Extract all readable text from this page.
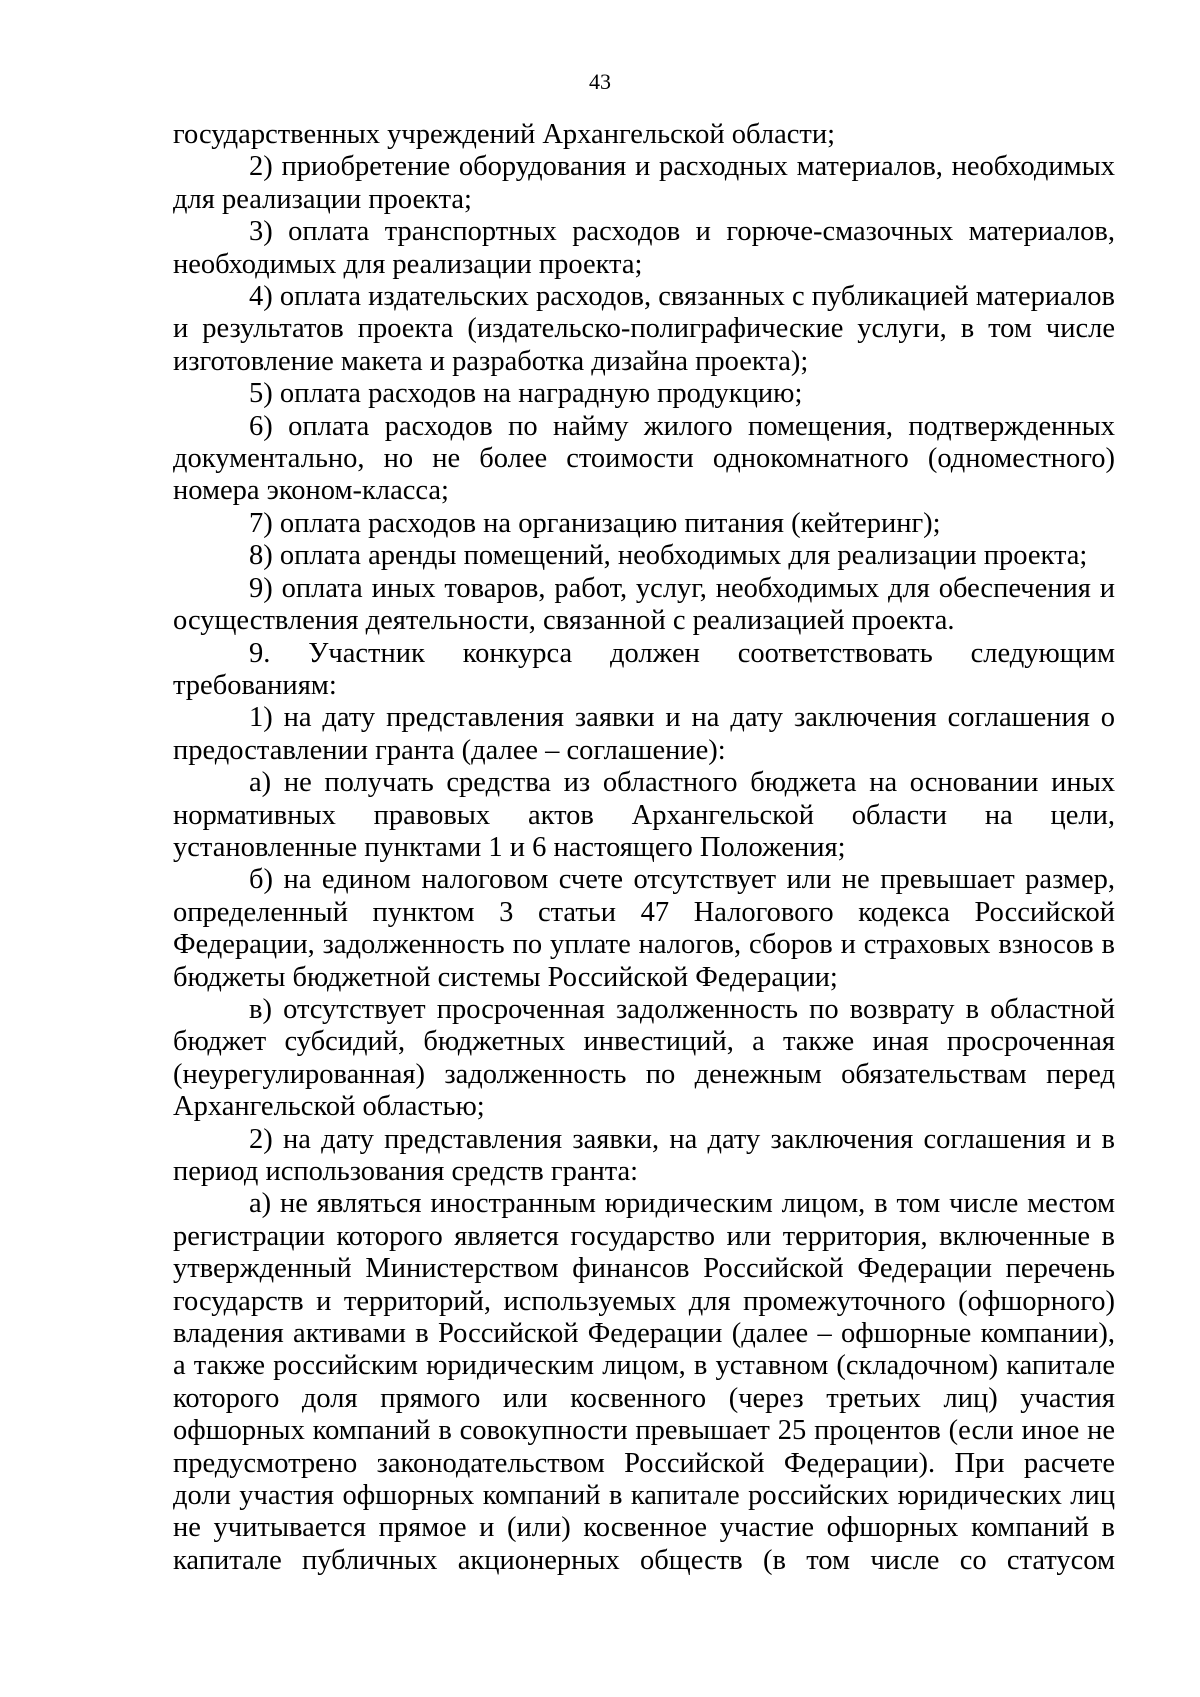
43

государственных учреждений Архангельской области;

2) приобретение оборудования и расходных материалов, необходимых для реализации проекта;

3) оплата транспортных расходов и горюче-смазочных материалов, необходимых для реализации проекта;

4) оплата издательских расходов, связанных с публикацией материалов и результатов проекта (издательско-полиграфические услуги, в том числе изготовление макета и разработка дизайна проекта);

5) оплата расходов на наградную продукцию;

6) оплата расходов по найму жилого помещения, подтвержденных документально, но не более стоимости однокомнатного (одноместного) номера эконом-класса;

7) оплата расходов на организацию питания (кейтеринг);

8) оплата аренды помещений, необходимых для реализации проекта;

9) оплата иных товаров, работ, услуг, необходимых для обеспечения и осуществления деятельности, связанной с реализацией проекта.

9. Участник конкурса должен соответствовать следующим требованиям:

1) на дату представления заявки и на дату заключения соглашения о предоставлении гранта (далее – соглашение):

а) не получать средства из областного бюджета на основании иных нормативных правовых актов Архангельской области на цели, установленные пунктами 1 и 6 настоящего Положения;

б) на едином налоговом счете отсутствует или не превышает размер, определенный пунктом 3 статьи 47 Налогового кодекса Российской Федерации, задолженность по уплате налогов, сборов и страховых взносов в бюджеты бюджетной системы Российской Федерации;

в) отсутствует просроченная задолженность по возврату в областной бюджет субсидий, бюджетных инвестиций, а также иная просроченная (неурегулированная) задолженность по денежным обязательствам перед Архангельской областью;

2) на дату представления заявки, на дату заключения соглашения и в период использования средств гранта:

а) не являться иностранным юридическим лицом, в том числе местом регистрации которого является государство или территория, включенные в утвержденный Министерством финансов Российской Федерации перечень государств и территорий, используемых для промежуточного (офшорного) владения активами в Российской Федерации (далее – офшорные компании), а также российским юридическим лицом, в уставном (складочном) капитале которого доля прямого или косвенного (через третьих лиц) участия офшорных компаний в совокупности превышает 25 процентов (если иное не предусмотрено законодательством Российской Федерации). При расчете доли участия офшорных компаний в капитале российских юридических лиц не учитывается прямое и (или) косвенное участие офшорных компаний в капитале публичных акционерных обществ (в том числе со статусом
